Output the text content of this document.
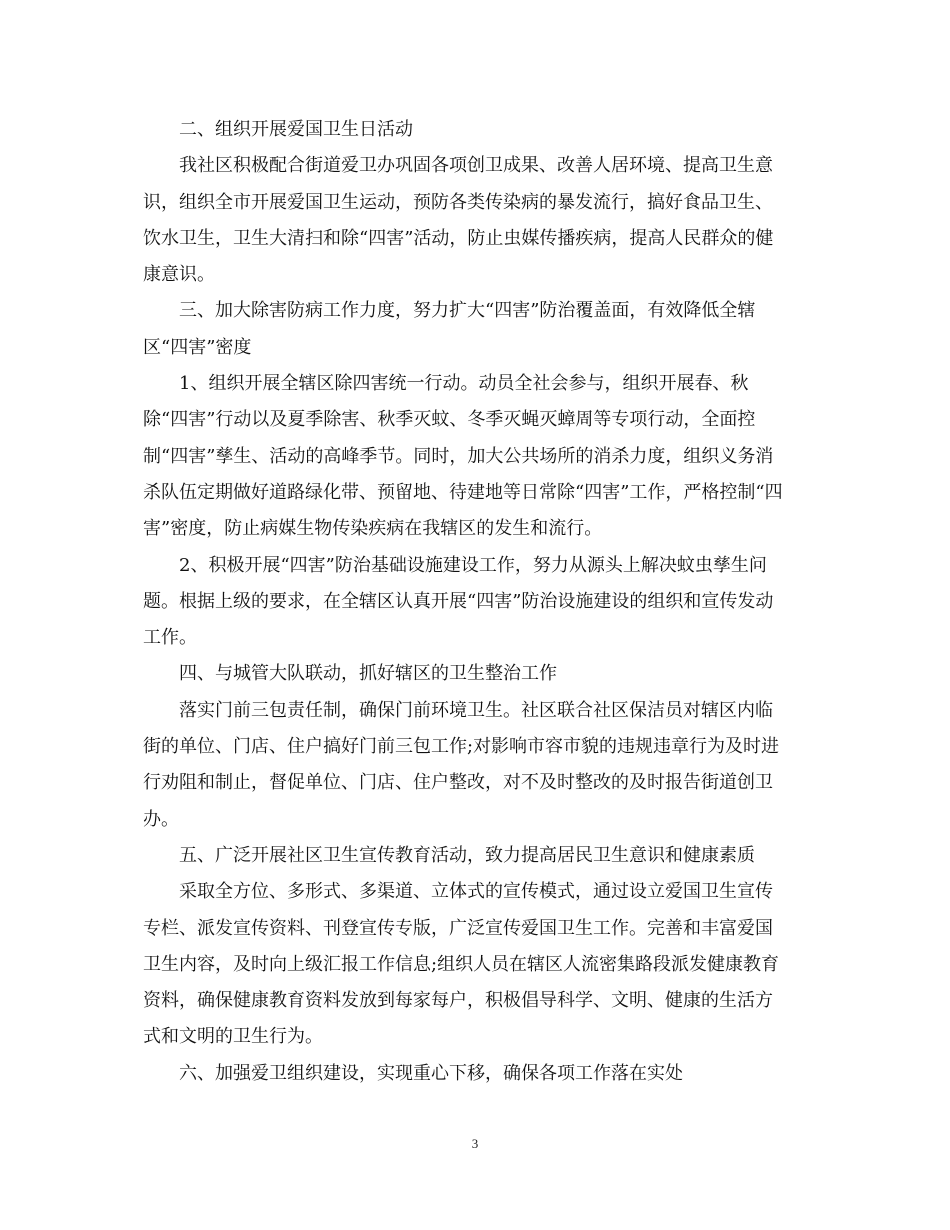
二、组织开展爱国卫生日活动

我社区积极配合街道爱卫办巩固各项创卫成果、改善人居环境、提高卫生意
识，组织全市开展爱国卫生运动，预防各类传染病的暴发流行，搞好食品卫生、
饮水卫生，卫生大清扫和除“四害”活动，防止虫媒传播疾病，提高人民群众的健
康意识。

三、加大除害防病工作力度，努力扩大“四害”防治覆盖面，有效降低全辖
区“四害”密度

1、组织开展全辖区除四害统一行动。动员全社会参与，组织开展春、秋
除“四害”行动以及夏季除害、秋季灭蚊、冬季灭蝇灭蟑周等专项行动，全面控
制“四害”孳生、活动的高峰季节。同时，加大公共场所的消杀力度，组织义务消
杀队伍定期做好道路绿化带、预留地、待建地等日常除“四害”工作，严格控制“四
害”密度，防止病媒生物传染疾病在我辖区的发生和流行。

2、积极开展“四害”防治基础设施建设工作，努力从源头上解决蚊虫孳生问
题。根据上级的要求，在全辖区认真开展“四害”防治设施建设的组织和宣传发动
工作。

四、与城管大队联动，抓好辖区的卫生整治工作

落实门前三包责任制，确保门前环境卫生。社区联合社区保洁员对辖区内临
街的单位、门店、住户搞好门前三包工作;对影响市容市貌的违规违章行为及时进
行劝阻和制止，督促单位、门店、住户整改，对不及时整改的及时报告街道创卫
办。

五、广泛开展社区卫生宣传教育活动，致力提高居民卫生意识和健康素质

采取全方位、多形式、多渠道、立体式的宣传模式，通过设立爱国卫生宣传
专栏、派发宣传资料、刊登宣传专版，广泛宣传爱国卫生工作。完善和丰富爱国
卫生内容，及时向上级汇报工作信息;组织人员在辖区人流密集路段派发健康教育
资料，确保健康教育资料发放到每家每户，积极倡导科学、文明、健康的生活方
式和文明的卫生行为。

六、加强爱卫组织建设，实现重心下移，确保各项工作落在实处

3
